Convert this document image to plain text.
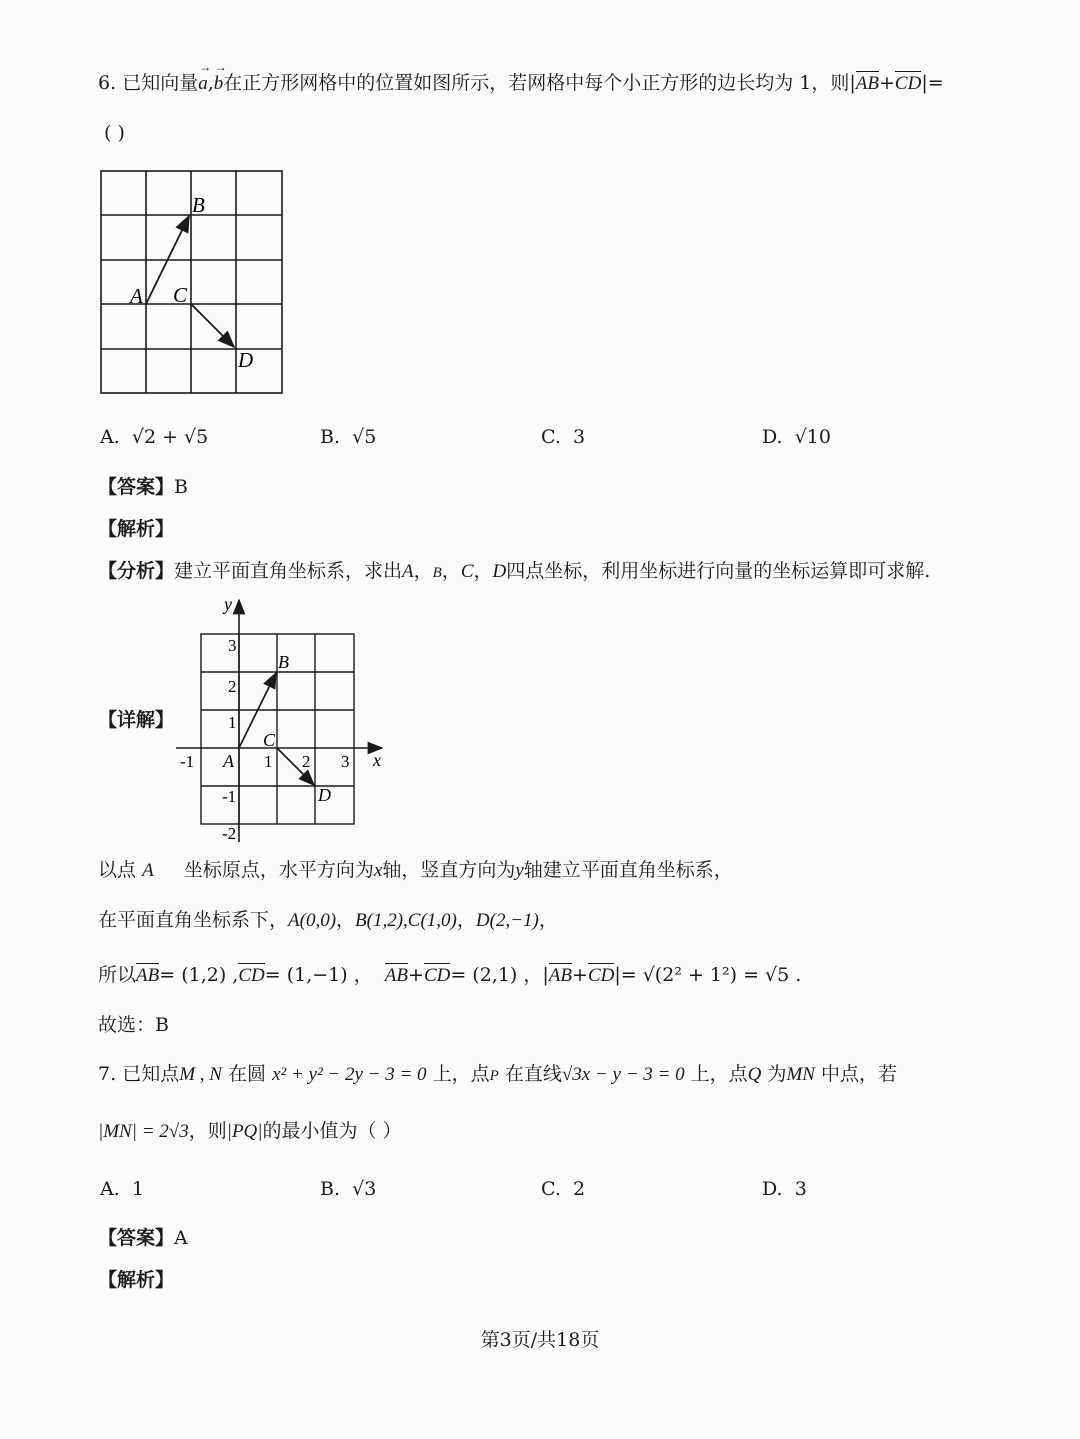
6. 已知向量
→
a,
→
b在正方形网格中的位置如图所示，若网格中每个小正方形的边长均为 1，则|AB+CD|=
( )
A
B
C
D
A. √2 + √5	B. √5	C. 3	D. √10
【答案】B
【解析】
【分析】建立平面直角坐标系，求出A，B，C，D四点坐标，利用坐标进行向量的坐标运算即可求解.
【详解】
x
y
-1	1 2 3
3
2
1
-1
-2
A
B
C
D
以点 A 坐标原点，水平方向为x轴，竖直方向为y轴建立平面直角坐标系，
在平面直角坐标系下，A(0,0)，B(1,2),C(1,0)，D(2,−1)，
所以AB= (1,2) ,CD= (1,−1) ， AB+CD= (2,1) ，|AB+CD|= √(2² + 1²) = √5 .
故选：B
7. 已知点M , N 在圆 x² + y² − 2y − 3 = 0 上，点P 在直线√3x − y − 3 = 0 上，点Q 为MN 中点，若
|MN| = 2√3，则|PQ|的最小值为（ ）
A. 1	B. √3	C. 2	D. 3
【答案】A
【解析】
第3页/共18页
